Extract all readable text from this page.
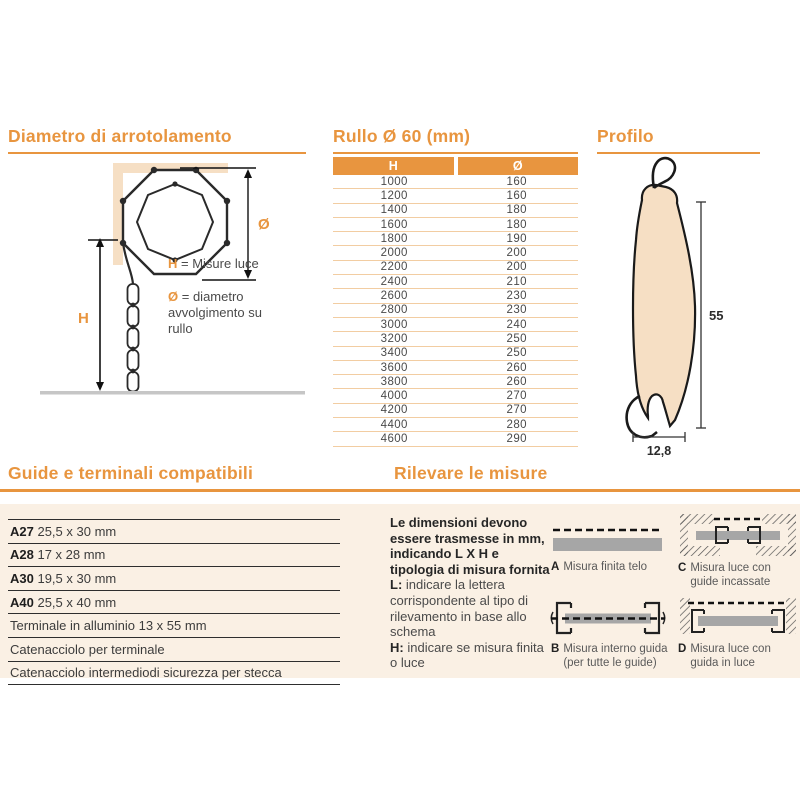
Diametro di arrotolamento
H
Ø
H = Misure luce
Ø = diametro avvolgimento su rullo
Rullo Ø 60 (mm)
H	Ø
1000	160
1200	160
1400	180
1600	180
1800	190
2000	200
2200	200
2400	210
2600	230
2800	230
3000	240
3200	250
3400	250
3600	260
3800	260
4000	270
4200	270
4400	280
4600	290
Profilo
55
12,8
Guide e terminali compatibili	Rilevare le misure
A27 25,5 x 30 mm
A28 17 x 28 mm
A30 19,5 x 30 mm
A40 25,5 x 40 mm
Terminale in alluminio 13 x 55 mm
Catenacciolo per terminale
Catenacciolo intermediodi sicurezza per stecca
Le dimensioni devono essere trasmesse in mm, indicando L X H e tipologia di misura fornita
L: indicare la lettera corrispondente al tipo di rilevamento in base allo schema
H: indicare se misura finita o luce
A Misura finita telo	C Misura luce con guide incassate
B Misura interno guida (per tutte le guide)
D Misura luce con guida in luce
